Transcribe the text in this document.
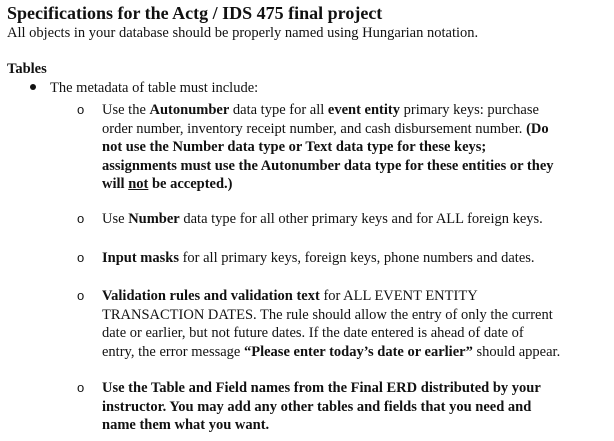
Specifications for the Actg / IDS 475 final project
All objects in your database should be properly named using Hungarian notation.
Tables
The metadata of table must include:
o Use the Autonumber data type for all event entity primary keys: purchase
order number, inventory receipt number, and cash disbursement number. (Do
not use the Number data type or Text data type for these keys;
assignments must use the Autonumber data type for these entities or they
will not be accepted.)
o Use Number data type for all other primary keys and for ALL foreign keys.
o Input masks for all primary keys, foreign keys, phone numbers and dates.
o Validation rules and validation text for ALL EVENT ENTITY
TRANSACTION DATES. The rule should allow the entry of only the current
date or earlier, but not future dates. If the date entered is ahead of date of
entry, the error message “Please enter today’s date or earlier” should appear.
o Use the Table and Field names from the Final ERD distributed by your
instructor. You may add any other tables and fields that you need and
name them what you want.
